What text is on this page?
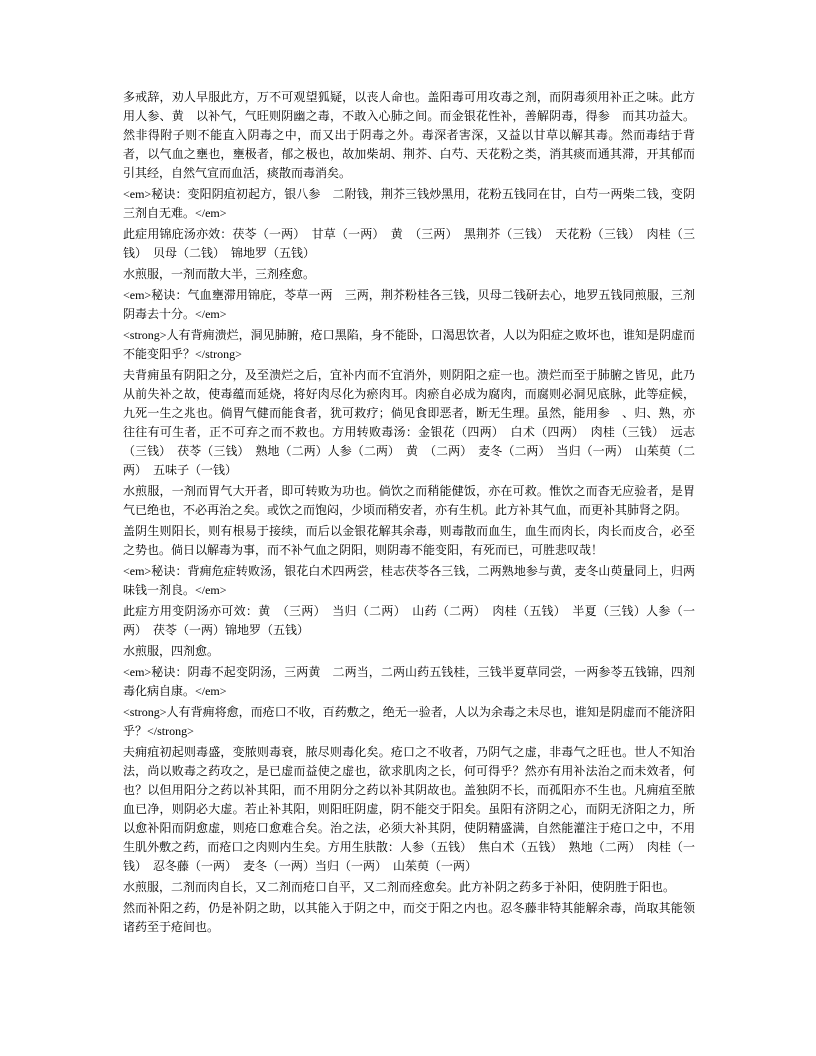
多戒辞，劝人早服此方，万不可观望狐疑，以丧人命也。盖阳毒可用攻毒之剂，而阴毒须用补正之味。此方用人参、黄　以补气，气旺则阴幽之毒，不敢入心肺之间。而金银花性补，善解阴毒，得参　而其功益大。然非得附子则不能直入阴毒之中，而又出于阴毒之外。毒深者害深，又益以甘草以解其毒。然而毒结于背者，以气血之壅也，壅极者，郁之极也，故加柴胡、荆芥、白芍、天花粉之类，消其痰而通其滞，开其郁而引其经，自然气宣而血活，痰散而毒消矣。

<em>秘诀：变阳阴疽初起方，银八参　二附钱，荆芥三钱炒黑用，花粉五钱同在甘，白芍一两柴二钱，变阴三剂自无难。</em>

此症用锦庇汤亦效：茯苓（一两）　甘草（一两）　黄　（三两）　黑荆芥（三钱）　天花粉（三钱）　肉桂（三钱）　贝母（二钱）　锦地罗（五钱）

水煎服，一剂而散大半，三剂痊愈。

<em>秘诀：气血壅滞用锦庇，苓草一两　三两，荆芥粉桂各三钱，贝母二钱研去心，地罗五钱同煎服，三剂阴毒去十分。</em>

<strong>人有背痈溃烂，洞见肺腑，疮口黑陷，身不能卧，口渴思饮者，人以为阳症之败坏也，谁知是阴虚而不能变阳乎？</strong>

夫背痈虽有阴阳之分，及至溃烂之后，宜补内而不宜消外，则阴阳之症一也。溃烂而至于肺腑之皆见，此乃从前失补之故，使毒蕴而延烧，将好肉尽化为瘀肉耳。肉瘀自必成为腐肉，而腐则必洞见底脉，此等症候，九死一生之兆也。倘胃气健而能食者，犹可救疗；倘见食即恶者，断无生理。虽然，能用参　、归、熟，亦往往有可生者，正不可弃之而不救也。方用转败毒汤：金银花（四两）　白术（四两）　肉桂（三钱）　远志（三钱）　茯苓（三钱）　熟地（二两）人参（二两）　黄　（二两）　麦冬（二两）　当归（一两）　山茱萸（二两）　五味子（一钱）

水煎服，一剂而胃气大开者，即可转败为功也。倘饮之而稍能健饭，亦在可救。惟饮之而杳无应验者，是胃气已绝也，不必再治之矣。或饮之而饱闷，少顷而稍安者，亦有生机。此方补其气血，而更补其肺肾之阴。

盖阴生则阳长，则有根易于接续，而后以金银花解其余毒，则毒散而血生，血生而肉长，肉长而皮合，必至之势也。倘日以解毒为事，而不补气血之阴阳，则阴毒不能变阳，有死而已，可胜悲叹哉！

<em>秘诀：背痈危症转败汤，银花白术四两尝，桂志茯苓各三钱，二两熟地参与黄，麦冬山萸量同上，归两味钱一剂良。</em>

此症方用变阴汤亦可效：黄　（三两）　当归（二两）　山药（二两）　肉桂（五钱）　半夏（三钱）人参（一两）　茯苓（一两）锦地罗（五钱）

水煎服，四剂愈。

<em>秘诀：阴毒不起变阴汤，三两黄　二两当，二两山药五钱桂，三钱半夏草同尝，一两参苓五钱锦，四剂毒化病自康。</em>

<strong>人有背痈将愈，而疮口不收，百药敷之，绝无一验者，人以为余毒之未尽也，谁知是阴虚而不能济阳乎？</strong>

夫痈疽初起则毒盛，变脓则毒衰，脓尽则毒化矣。疮口之不收者，乃阴气之虚，非毒气之旺也。世人不知治法，尚以败毒之药攻之，是已虚而益使之虚也，欲求肌肉之长，何可得乎？然亦有用补法治之而未效者，何也？以但用阳分之药以补其阳，而不用阴分之药以补其阴故也。盖独阴不长，而孤阳亦不生也。凡痈疽至脓血已净，则阴必大虚。若止补其阳，则阳旺阴虚，阴不能交于阳矣。虽阳有济阴之心，而阴无济阳之力，所以愈补阳而阴愈虚，则疮口愈难合矣。治之法，必须大补其阴，使阴精盛满，自然能灌注于疮口之中，不用生肌外敷之药，而疮口之肉则内生矣。方用生肤散：人参（五钱）　焦白术（五钱）　熟地（二两）　肉桂（一钱）　忍冬藤（一两）　麦冬（一两）当归（一两）　山茱萸（一两）

水煎服，二剂而肉自长，又二剂而疮口自平，又二剂而痊愈矣。此方补阴之药多于补阳，使阴胜于阳也。

然而补阳之药，仍是补阴之助，以其能入于阴之中，而交于阳之内也。忍冬藤非特其能解余毒，尚取其能领诸药至于疮间也。
